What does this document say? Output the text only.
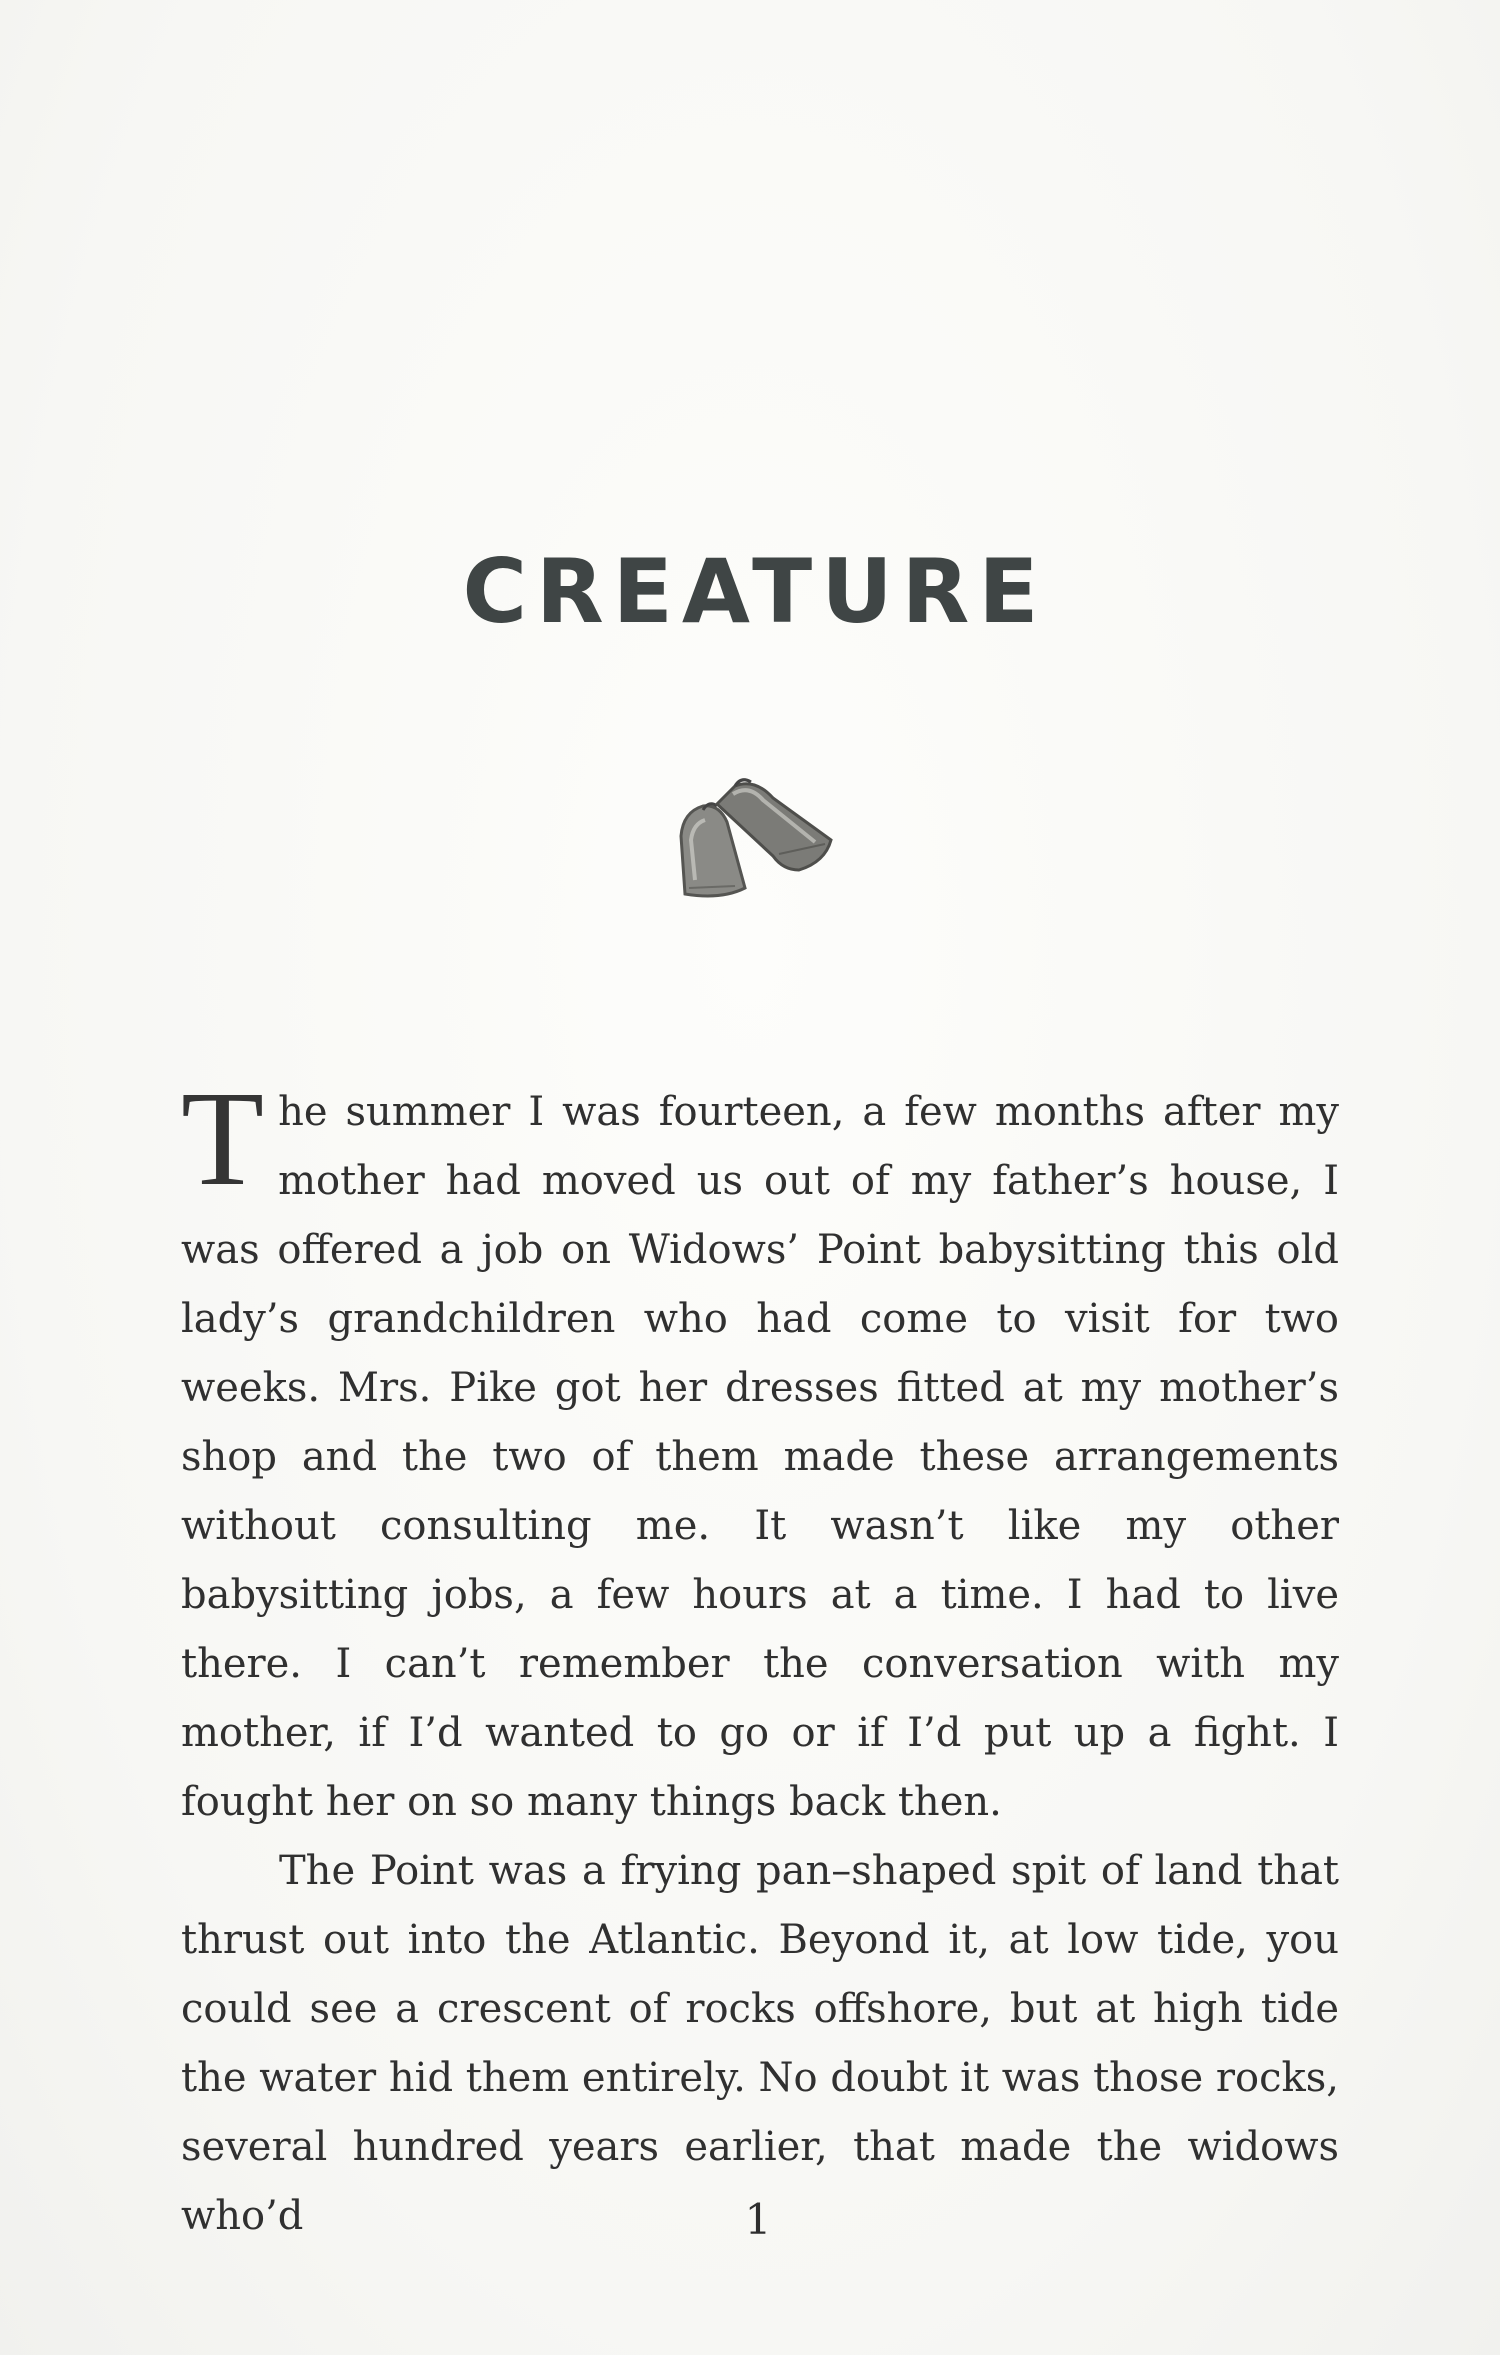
CREATURE

The summer I was fourteen, a few months after my mother had moved us out of my father’s house, I was offered a job on Widows’ Point babysitting this old lady’s grandchildren who had come to visit for two weeks. Mrs. Pike got her dresses fitted at my mother’s shop and the two of them made these arrangements without consulting me. It wasn’t like my other babysitting jobs, a few hours at a time. I had to live there. I can’t remember the conversation with my mother, if I’d wanted to go or if I’d put up a fight. I fought her on so many things back then.

The Point was a frying pan–shaped spit of land that thrust out into the Atlantic. Beyond it, at low tide, you could see a crescent of rocks offshore, but at high tide the water hid them entirely. No doubt it was those rocks, several hundred years earlier, that made the widows who’d	1
